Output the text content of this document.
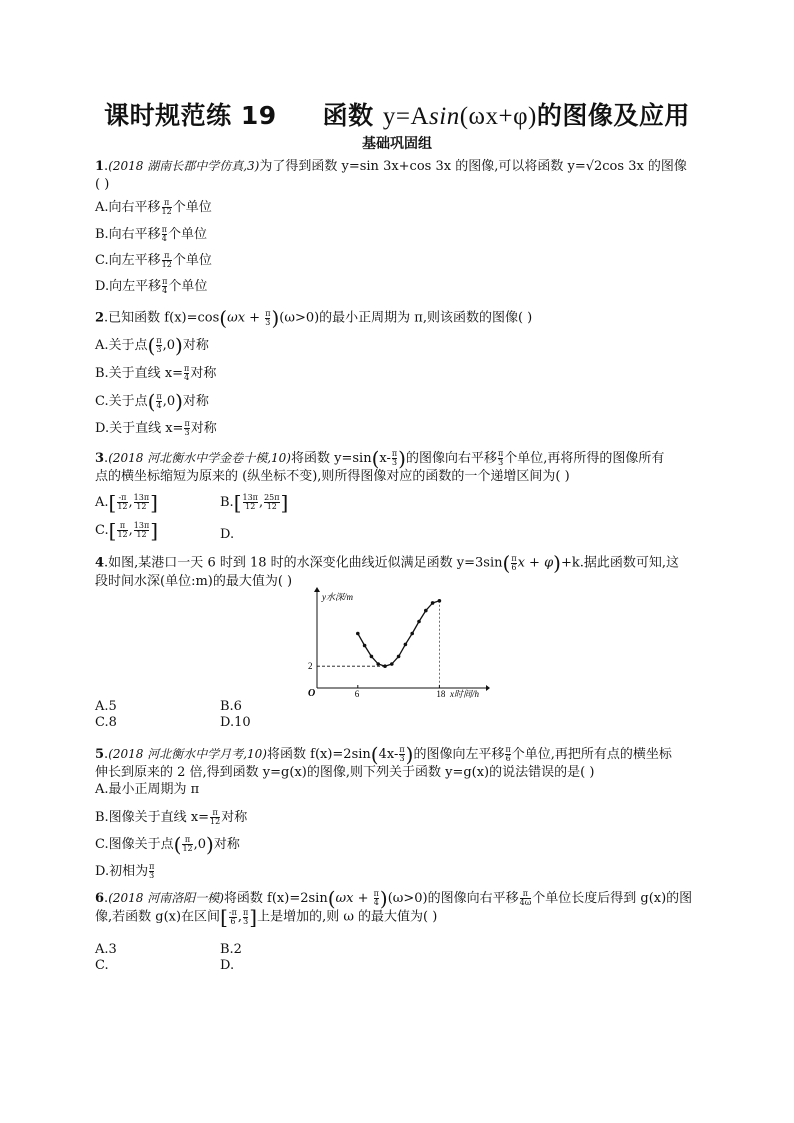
课时规范练 19 函数 y=Asin(ωx+φ)的图像及应用
基础巩固组
1.(2018 湖南长郡中学仿真,3)为了得到函数 y=sin 3x+cos 3x 的图像,可以将函数 y=√2cos 3x 的图像
( )
A.向右平移 $\frac{\pi}{12}$ 个单位
B.向右平移 $\frac{\pi}{4}$ 个单位
C.向左平移 $\frac{\pi}{12}$ 个单位
D.向左平移 $\frac{\pi}{4}$ 个单位
2.已知函数 $f(x)=\cos(\omega x + \frac{\pi}{3} )(\omega>0)$的最小正周期为 π,则该函数的图像( )
A.关于点( $\frac{\pi}{3} ,0$)对称
B.关于直线 $x= \frac{\pi}{4}$ 对称
C.关于点( $\frac{\pi}{4} ,0$)对称
D.关于直线 $x= \frac{\pi}{3}$ 对称
3.(2018 河北衡水中学金卷十模,10)将函数 $y=\sin(x- \frac{\pi}{3}$ )的图像向右平移 $\frac{\pi}{3}$ 个单位,再将所得的图像所有
点的横坐标缩短为原来的 (纵坐标不变),则所得图像对应的函数的一个递增区间为( )
$A.[ \frac{-\pi}{12}$ , $\frac{13\pi}{12}$ ]	$B.[ \frac{13\pi}{12}$ , $\frac{25\pi}{12}$ ]
$C.[ \frac{\pi}{12}$ , $\frac{13\pi}{12}$ ]	D.
4.如图,某港口一天 6 时到 18 时的水深变化曲线近似满足函数 $y=3\sin( \frac{\pi}{6}$ x + φ)+k.据此函数可知,这
段时间水深(单位:m)的最大值为( )
y水深/m
x时间/h
O	6	18
2
A.5	B.6
C.8	D.10
5.(2018 河北衡水中学月考,10)将函数 $f(x)=2\sin(4x- \frac{\pi}{3}$ )的图像向左平移 $\frac{\pi}{6}$ 个单位,再把所有点的横坐标
伸长到原来的 2 倍,得到函数 y=g(x)的图像,则下列关于函数 y=g(x)的说法错误的是( )
A.最小正周期为 π
B.图像关于直线 $x= \frac{\pi}{12}$ 对称
C.图像关于点( $\frac{\pi}{12} ,0$)对称
D.初相为 $\frac{\pi}{3}$
6.(2018 河南洛阳一模)将函数 $f(x)=2\sin(\omega x + \frac{\pi}{4} )(\omega>0)$的图像向右平移 $\frac{\pi}{4\omega}$ 个单位长度后得到 g(x)的图
像,若函数 g(x)在区间[ $\frac{-\pi}{6}$ , $\frac{\pi}{3}$ ]上是增加的,则 ω 的最大值为( )
A.3	B.2
C.	D.
